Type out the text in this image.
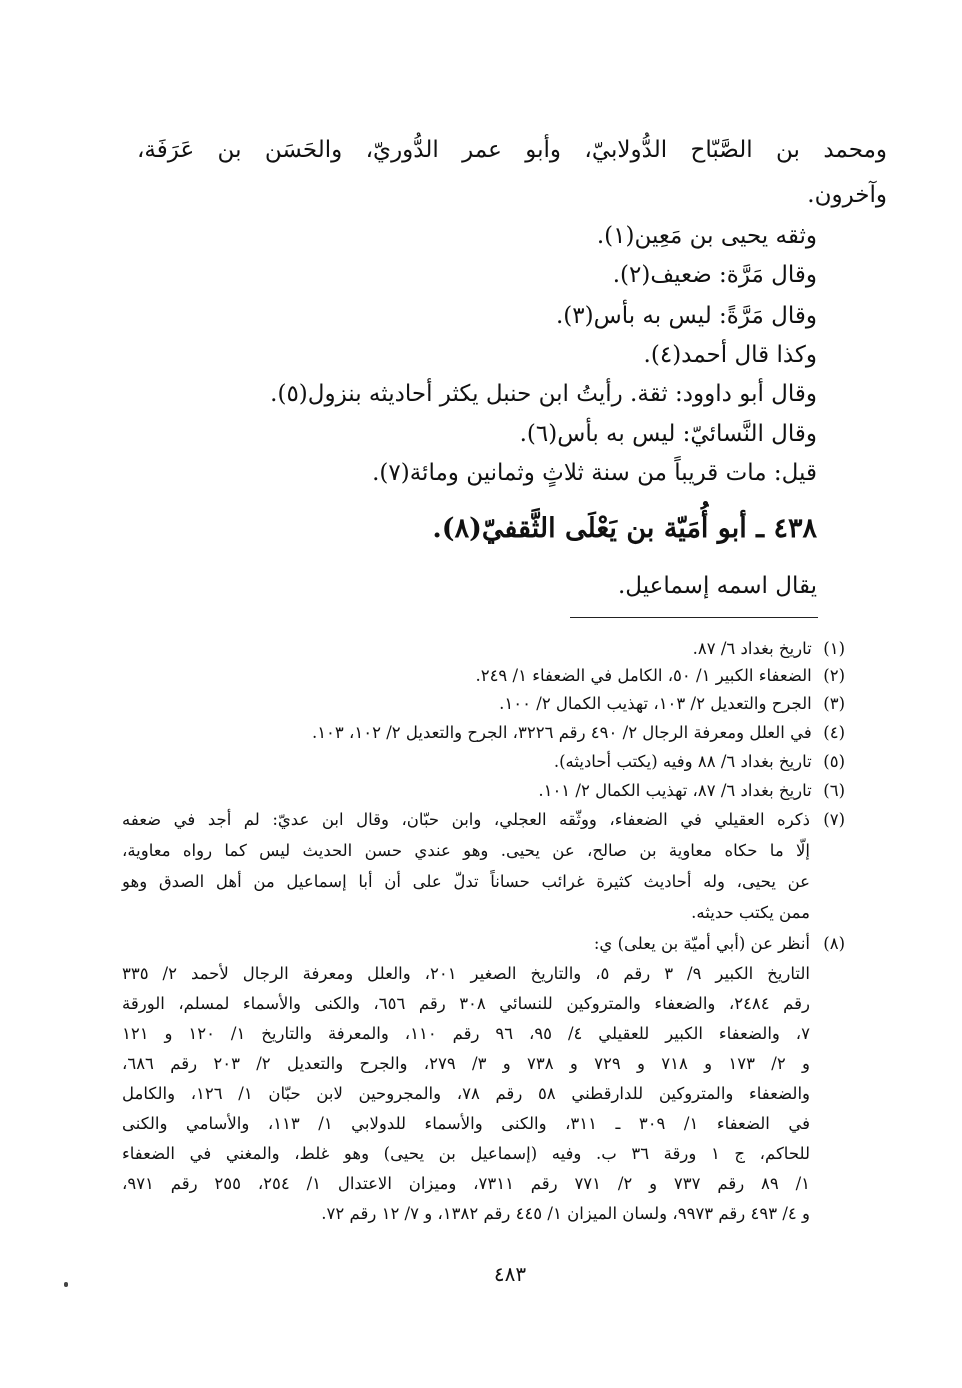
ومحمد بن الصَّبّاح الدُّولابيّ، وأبو عمر الدُّوريّ، والحَسَن بن عَرَفَة،
وآخرون.
وثقه يحيى بن مَعِين(١).
وقال مَرَّة: ضعيف(٢).
وقال مَرَّةً: ليس به بأس(٣).
وكذا قال أحمد(٤).
وقال أبو داوود: ثقة. رأيتُ ابن حنبل يكثر أحاديثه بنزول(٥).
وقال النَّسائيّ: ليس به بأس(٦).
قيل: مات قريباً من سنة ثلاثٍ وثمانين ومائة(٧).
٤٣٨ ـ أبو أُمَيّة بن يَعْلَى الثَّقفيّ(٨).
يقال اسمه إسماعيل.
(١) تاريخ بغداد ٦/ ٨٧.
(٢) الضعفاء الكبير ١/ ٥٠، الكامل في الضعفاء ١/ ٢٤٩.
(٣) الجرح والتعديل ٢/ ١٠٣، تهذيب الكمال ٢/ ١٠٠.
(٤) في العلل ومعرفة الرجال ٢/ ٤٩٠ رقم ٣٢٢٦، الجرح والتعديل ٢/ ١٠٢، ١٠٣.
(٥) تاريخ بغداد ٦/ ٨٨ وفيه (يكتب أحاديثه).
(٦) تاريخ بغداد ٦/ ٨٧، تهذيب الكمال ٢/ ١٠١.
(٧)
ذكره العقيلي في الضعفاء، ووثّقه العجلي، وابن حبّان، وقال ابن عديّ: لم أجد في ضعفه
إلّا ما حكاه معاوية بن صالح، عن يحيى. وهو عندي حسن الحديث ليس كما رواه معاوية،
عن يحيى، وله أحاديث كثيرة غرائب حساناً تدلّ على أن أبا إسماعيل من أهل الصدق وهو
ممن يكتب حديثه.
(٨)
أنظر عن (أبي أميّة بن يعلى) ي:
التاريخ الكبير ٩/ ٣ رقم ٥، والتاريخ الصغير ٢٠١، والعلل ومعرفة الرجال لأحمد ٢/ ٣٣٥
رقم ٢٤٨٤، والضعفاء والمتروكين للنسائي ٣٠٨ رقم ٦٥٦، والكنى والأسماء لمسلم، الورقة
٧، والضعفاء الكبير للعقيلي ٤/ ٩٥، ٩٦ رقم ١١٠، والمعرفة والتاريخ ١/ ١٢٠ و ١٢١
و ٢/ ١٧٣ و ٧١٨ و ٧٢٩ و ٧٣٨ و ٣/ ٢٧٩، والجرح والتعديل ٢/ ٢٠٣ رقم ٦٨٦،
والضعفاء والمتروكين للدارقطني ٥٨ رقم ٧٨، والمجروحين لابن حبّان ١/ ١٢٦، والكامل
في الضعفاء ١/ ٣٠٩ ـ ٣١١، والكنى والأسماء للدولابي ١/ ١١٣، والأسامي والكنى
للحاكم، ج ١ ورقة ٣٦ ب. وفيه (إسماعيل بن يحيى) وهو غلط، والمغني في الضعفاء
١/ ٨٩ رقم ٧٣٧ و ٢/ ٧٧١ رقم ٧٣١١، وميزان الاعتدال ١/ ٢٥٤، ٢٥٥ رقم ٩٧١،
و ٤/ ٤٩٣ رقم ٩٩٧٣، ولسان الميزان ١/ ٤٤٥ رقم ١٣٨٢، و ٧/ ١٢ رقم ٧٢.
٤٨٣
